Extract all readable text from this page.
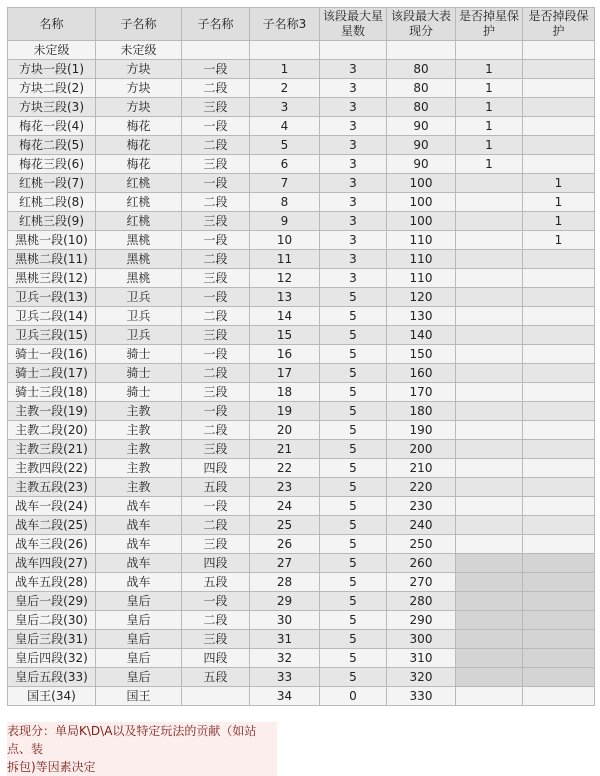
名称	子名称	子名称	子名称3	该段最大星星数	该段最大表现分	是否掉星保护	是否掉段保护
未定级	未定级						
方块一段(1)	方块	一段	1	3	80	1	
方块二段(2)	方块	二段	2	3	80	1	
方块三段(3)	方块	三段	3	3	80	1	
梅花一段(4)	梅花	一段	4	3	90	1	
梅花二段(5)	梅花	二段	5	3	90	1	
梅花三段(6)	梅花	三段	6	3	90	1	
红桃一段(7)	红桃	一段	7	3	100		1
红桃二段(8)	红桃	二段	8	3	100		1
红桃三段(9)	红桃	三段	9	3	100		1
黑桃一段(10)	黑桃	一段	10	3	110		1
黑桃二段(11)	黑桃	二段	11	3	110		
黑桃三段(12)	黑桃	三段	12	3	110		
卫兵一段(13)	卫兵	一段	13	5	120		
卫兵二段(14)	卫兵	二段	14	5	130		
卫兵三段(15)	卫兵	三段	15	5	140		
骑士一段(16)	骑士	一段	16	5	150		
骑士二段(17)	骑士	二段	17	5	160		
骑士三段(18)	骑士	三段	18	5	170		
主教一段(19)	主教	一段	19	5	180		
主教二段(20)	主教	二段	20	5	190		
主教三段(21)	主教	三段	21	5	200		
主教四段(22)	主教	四段	22	5	210		
主教五段(23)	主教	五段	23	5	220		
战车一段(24)	战车	一段	24	5	230		
战车二段(25)	战车	二段	25	5	240		
战车三段(26)	战车	三段	26	5	250		
战车四段(27)	战车	四段	27	5	260		
战车五段(28)	战车	五段	28	5	270		
皇后一段(29)	皇后	一段	29	5	280		
皇后二段(30)	皇后	二段	30	5	290		
皇后三段(31)	皇后	三段	31	5	300		
皇后四段(32)	皇后	四段	32	5	310		
皇后五段(33)	皇后	五段	33	5	320		
国王(34)	国王		34	0	330		
表现分：单局K\D\A以及特定玩法的贡献（如站点、装
拆包)等因素决定
